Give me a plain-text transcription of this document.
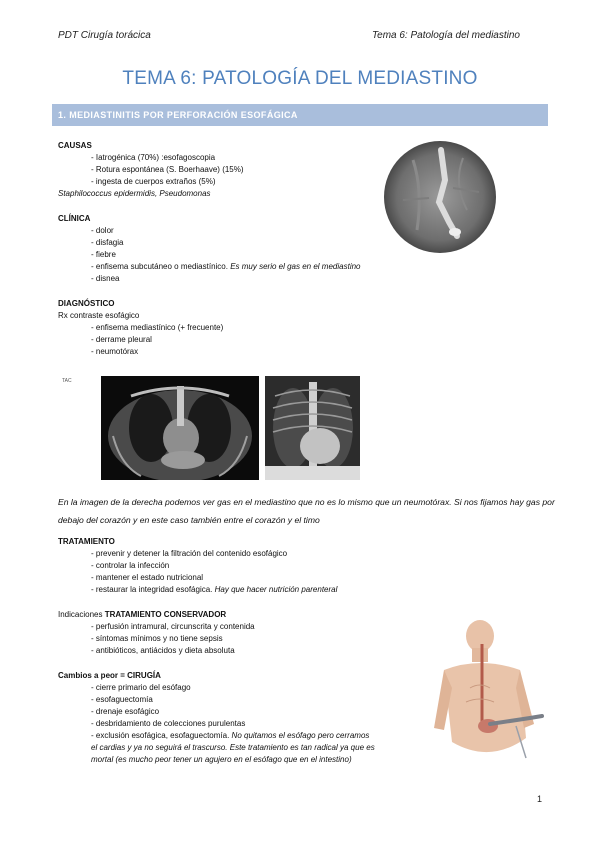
PDT Cirugía torácica	Tema 6: Patología del mediastino
TEMA 6: PATOLOGÍA DEL MEDIASTINO
1. MEDIASTINITIS POR PERFORACIÓN ESOFÁGICA
CAUSAS
- Iatrogénica (70%) :esofagoscopia
- Rotura espontánea (S. Boerhaave) (15%)
- ingesta de cuerpos extraños (5%)
Staphilococcus epidermidis, Pseudomonas
CLÍNICA
- dolor
- disfagia
- fiebre
- enfisema subcutáneo o mediastínico. Es muy serio el gas en el mediastino
- disnea
DIAGNÓSTICO
Rx contraste esofágico
- enfisema mediastínico (+ frecuente)
- derrame pleural
- neumotórax
TAC
En la imagen de la derecha podemos ver gas en el mediastino que no es lo mismo que un neumotórax. Si nos fijamos hay gas por debajo del corazón y en este caso también entre el corazón y el timo
TRATAMIENTO
- prevenir y detener la filtración del contenido esofágico
- controlar la infección
- mantener el estado nutricional
- restaurar la integridad esofágica. Hay que hacer nutrición parenteral
Indicaciones TRATAMIENTO CONSERVADOR
- perfusión intramural, circunscrita y contenida
- síntomas mínimos y no tiene sepsis
- antibióticos, antiácidos y dieta absoluta
Cambios a peor = CIRUGÍA
- cierre primario del esófago
- esofaguectomía
- drenaje esofágico
- desbridamiento de colecciones purulentas
- exclusión esofágica, esofaguectomía. No quitamos el esófago pero cerramos
el cardias y ya no seguirá el trascurso. Este tratamiento es tan radical ya que es
mortal (es mucho peor tener un agujero en el esófago que en el intestino)
1
